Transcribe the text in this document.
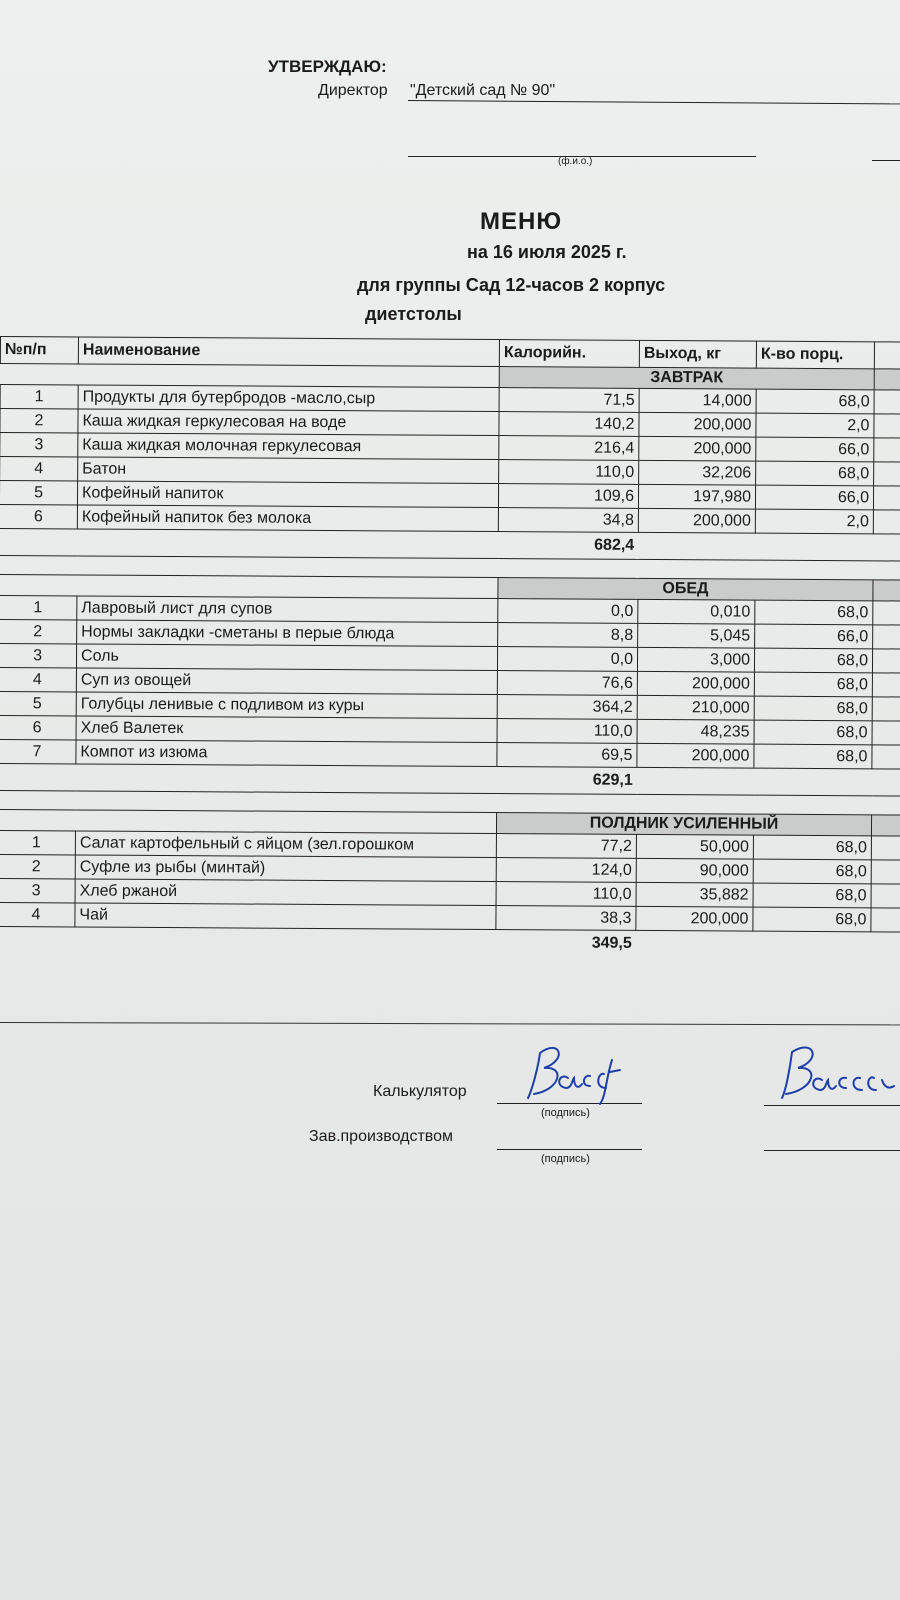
УТВЕРЖДАЮ:
Директор "Детский сад № 90"
(ф.и.о.)
МЕНЮ
на 16 июля 2025 г.
для группы Сад 12-часов 2 корпус
диетстолы
№п/п	Наименование	Калорийн.	Выход, кг	К-во порц.	
		ЗАВТРАК			
1	Продукты для бутербродов -масло,сыр	71,5	14,000	68,0	
2	Каша жидкая геркулесовая на воде	140,2	200,000	2,0	
3	Каша жидкая молочная геркулесовая	216,4	200,000	66,0	
4	Батон	110,0	32,206	68,0	
5	Кофейный напиток	109,6	197,980	66,0	
6	Кофейный напиток без молока	34,8	200,000	2,0	
		682,4			

		ОБЕД			
1	Лавровый лист для супов	0,0	0,010	68,0	
2	Нормы закладки -сметаны в перые блюда	8,8	5,045	66,0	
3	Соль	0,0	3,000	68,0	
4	Суп из овощей	76,6	200,000	68,0	
5	Голубцы ленивые с подливом из куры	364,2	210,000	68,0	
6	Хлеб Валетек	110,0	48,235	68,0	
7	Компот из изюма	69,5	200,000	68,0	
		629,1			

		ПОЛДНИК УСИЛЕННЫЙ			
1	Салат картофельный с яйцом (зел.горошком	77,2	50,000	68,0	
2	Суфле из рыбы (минтай)	124,0	90,000	68,0	
3	Хлеб ржаной	110,0	35,882	68,0	
4	Чай	38,3	200,000	68,0	
		349,5			
Калькулятор
(подпись)
Зав.производством
(подпись)
